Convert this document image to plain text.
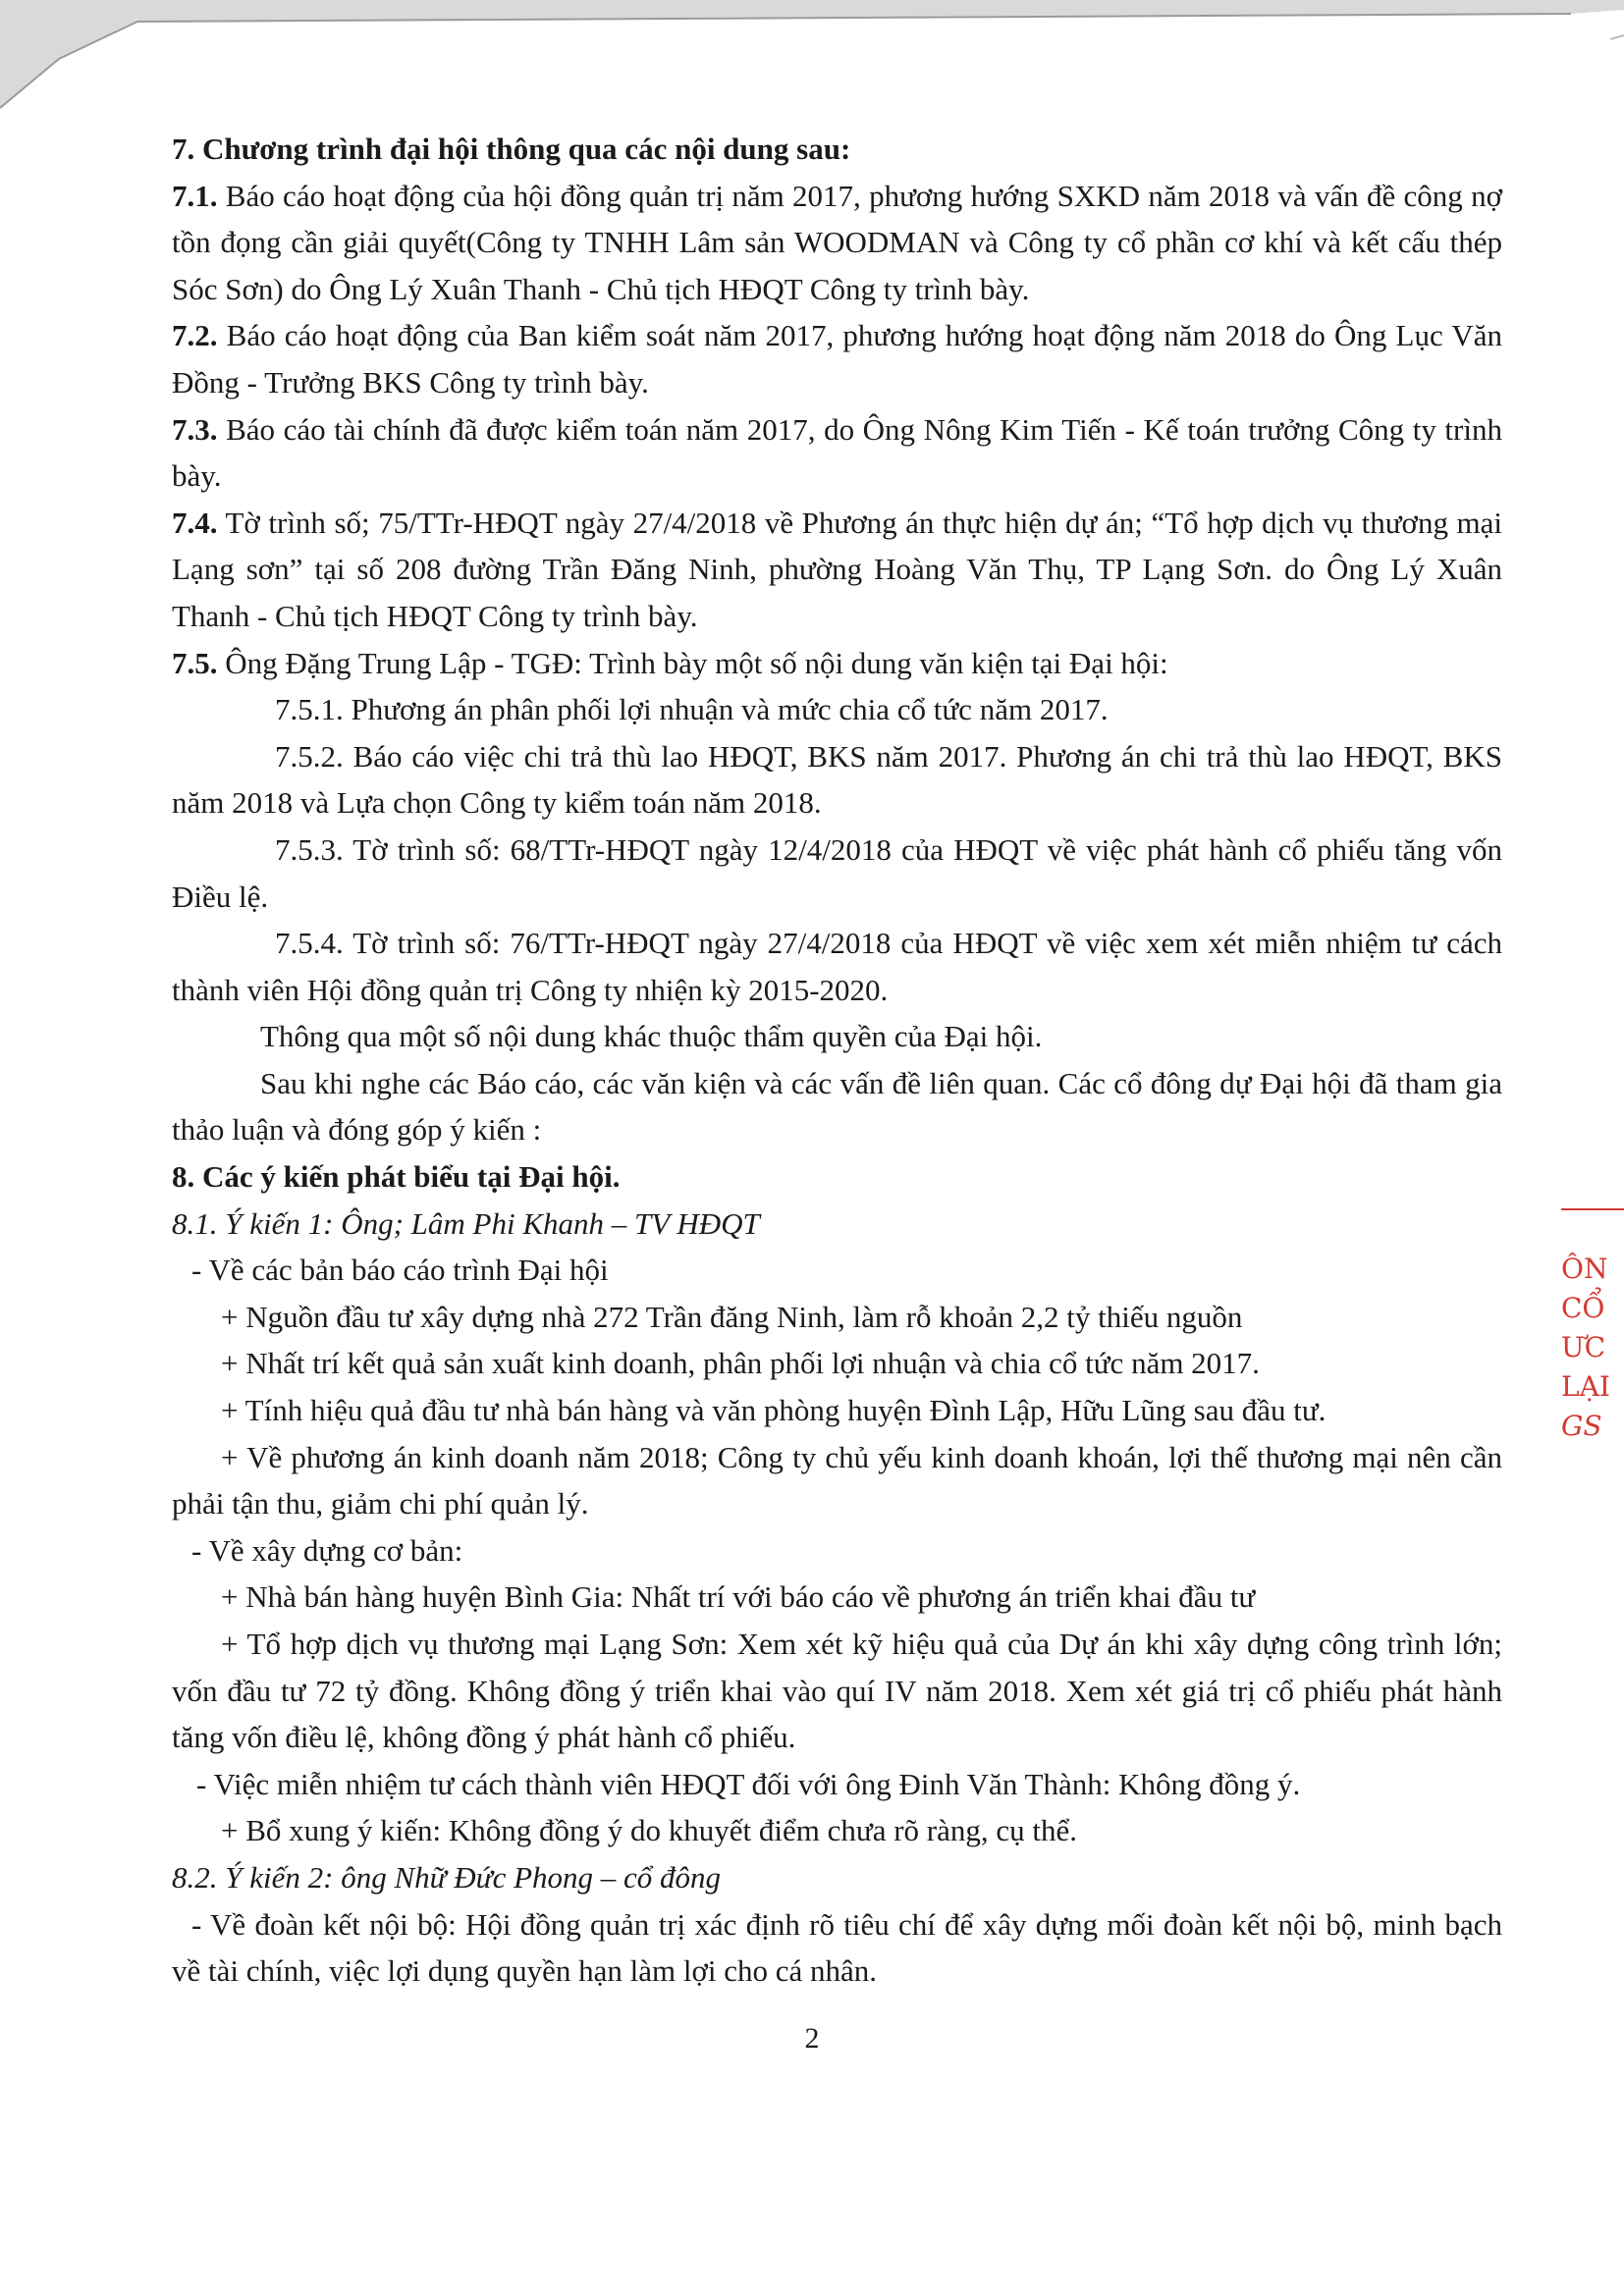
7. Chương trình đại hội thông qua các nội dung sau:

7.1. Báo cáo hoạt động của hội đồng quản trị năm 2017, phương hướng SXKD năm 2018 và vấn đề công nợ tồn đọng cần giải quyết(Công ty TNHH Lâm sản WOODMAN và Công ty cổ phần cơ khí và kết cấu thép Sóc Sơn) do Ông Lý Xuân Thanh - Chủ tịch HĐQT Công ty trình bày.

7.2. Báo cáo hoạt động của Ban kiểm soát năm 2017, phương hướng hoạt động năm 2018 do Ông Lục Văn Đồng - Trưởng BKS Công ty trình bày.

7.3. Báo cáo tài chính đã được kiểm toán năm 2017, do Ông Nông Kim Tiến - Kế toán trưởng Công ty trình bày.

7.4. Tờ trình số; 75/TTr-HĐQT ngày 27/4/2018 về Phương án thực hiện dự án; “Tổ hợp dịch vụ thương mại Lạng sơn” tại số 208 đường Trần Đăng Ninh, phường Hoàng Văn Thụ, TP Lạng Sơn. do Ông Lý Xuân Thanh - Chủ tịch HĐQT Công ty trình bày.

7.5. Ông Đặng Trung Lập - TGĐ: Trình bày một số nội dung văn kiện tại Đại hội:

7.5.1. Phương án phân phối lợi nhuận và mức chia cổ tức năm 2017.

7.5.2. Báo cáo việc chi trả thù lao HĐQT, BKS năm 2017. Phương án chi trả thù lao HĐQT, BKS năm 2018 và Lựa chọn Công ty kiểm toán năm 2018.

7.5.3. Tờ trình số: 68/TTr-HĐQT ngày 12/4/2018 của HĐQT về việc phát hành cổ phiếu tăng vốn Điều lệ.

7.5.4. Tờ trình số: 76/TTr-HĐQT ngày 27/4/2018 của HĐQT về việc xem xét miễn nhiệm tư cách thành viên Hội đồng quản trị Công ty nhiện kỳ 2015-2020.

Thông qua một số nội dung khác thuộc thẩm quyền của Đại hội.

Sau khi nghe các Báo cáo, các văn kiện và các vấn đề liên quan. Các cổ đông dự Đại hội đã tham gia thảo luận và đóng góp ý kiến :

8. Các ý kiến phát biểu tại Đại hội.

8.1. Ý kiến 1: Ông; Lâm Phi Khanh – TV HĐQT

- Về các bản báo cáo trình Đại hội

+ Nguồn đầu tư xây dựng nhà 272 Trần đăng Ninh, làm rỗ khoản 2,2 tỷ thiếu nguồn

+ Nhất trí kết quả sản xuất kinh doanh, phân phối lợi nhuận và chia cổ tức năm 2017.

+ Tính hiệu quả đầu tư nhà bán hàng và văn phòng huyện Đình Lập, Hữu Lũng sau đầu tư.

+ Về phương án kinh doanh năm 2018; Công ty chủ yếu kinh doanh khoán, lợi thế thương mại nên cần phải tận thu, giảm chi phí quản lý.

- Về xây dựng cơ bản:

+ Nhà bán hàng huyện Bình Gia: Nhất trí với báo cáo về phương án triển khai đầu tư

+ Tổ hợp dịch vụ thương mại Lạng Sơn: Xem xét kỹ hiệu quả của Dự án khi xây dựng công trình lớn; vốn đầu tư 72 tỷ đồng. Không đồng ý triển khai vào quí IV năm 2018. Xem xét giá trị cổ phiếu phát hành tăng vốn điều lệ, không đồng ý phát hành cổ phiếu.

- Việc miễn nhiệm tư cách thành viên HĐQT đối với ông Đinh Văn Thành: Không đồng ý.

+ Bổ xung ý kiến: Không đồng ý do khuyết điểm chưa rõ ràng, cụ thể.

8.2. Ý kiến 2: ông Nhữ Đức Phong – cổ đông

- Về đoàn kết nội bộ: Hội đồng quản trị xác định rõ tiêu chí để xây dựng mối đoàn kết nội bộ, minh bạch về tài chính, việc lợi dụng quyền hạn làm lợi cho cá nhân.

2

ÔN
CỔ
ƯC
LẠI
GS
